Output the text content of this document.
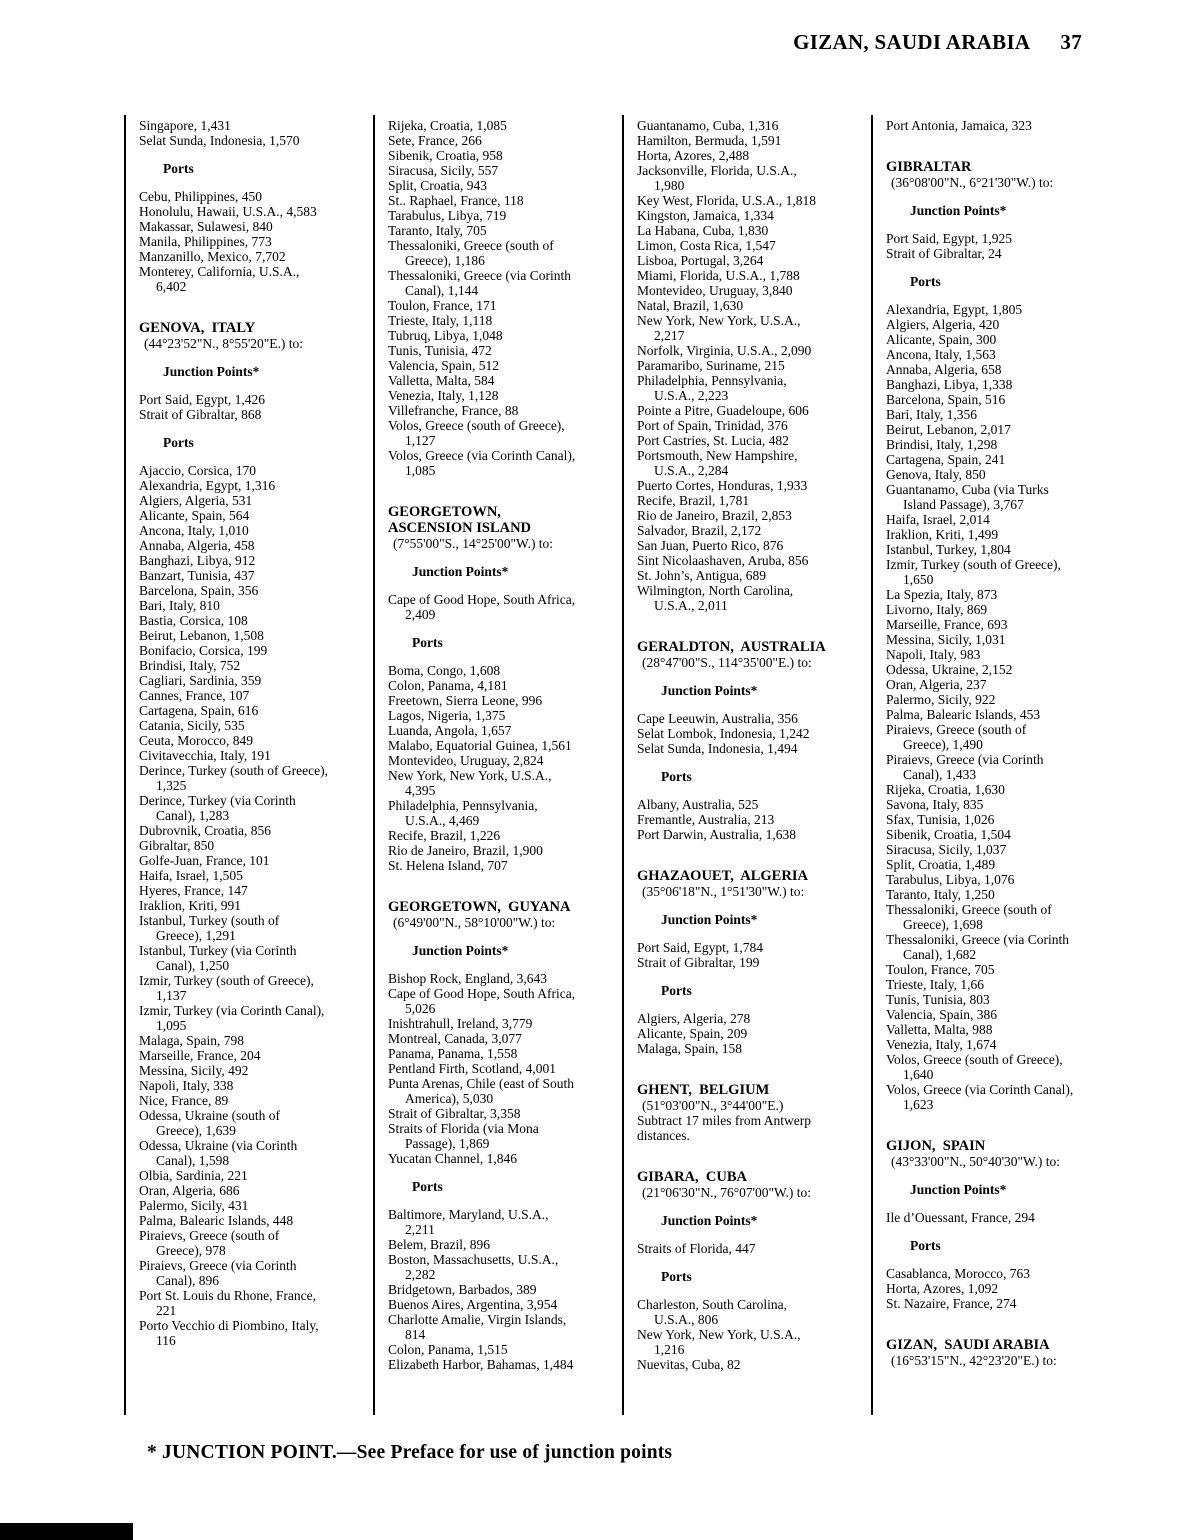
GIZAN, SAUDI ARABIA 37
Singapore, 1,431
Selat Sunda, Indonesia, 1,570
Ports
Cebu, Philippines, 450
Honolulu, Hawaii, U.S.A., 4,583
Makassar, Sulawesi, 840
Manila, Philippines, 773
Manzanillo, Mexico, 7,702
Monterey, California, U.S.A.,
6,402
GENOVA,  ITALY
(44°23'52"N., 8°55'20"E.) to:
Junction Points*
Port Said, Egypt, 1,426
Strait of Gibraltar, 868
Ports
Ajaccio, Corsica, 170
Alexandria, Egypt, 1,316
Algiers, Algeria, 531
Alicante, Spain, 564
Ancona, Italy, 1,010
Annaba, Algeria, 458
Banghazi, Libya, 912
Banzart, Tunisia, 437
Barcelona, Spain, 356
Bari, Italy, 810
Bastia, Corsica, 108
Beirut, Lebanon, 1,508
Bonifacio, Corsica, 199
Brindisi, Italy, 752
Cagliari, Sardinia, 359
Cannes, France, 107
Cartagena, Spain, 616
Catania, Sicily, 535
Ceuta, Morocco, 849
Civitavecchia, Italy, 191
Derince, Turkey (south of Greece),
1,325
Derince, Turkey (via Corinth
Canal), 1,283
Dubrovnik, Croatia, 856
Gibraltar, 850
Golfe-Juan, France, 101
Haifa, Israel, 1,505
Hyeres, France, 147
Iraklion, Kriti, 991
Istanbul, Turkey (south of
Greece), 1,291
Istanbul, Turkey (via Corinth
Canal), 1,250
Izmir, Turkey (south of Greece),
1,137
Izmir, Turkey (via Corinth Canal),
1,095
Malaga, Spain, 798
Marseille, France, 204
Messina, Sicily, 492
Napoli, Italy, 338
Nice, France, 89
Odessa, Ukraine (south of
Greece), 1,639
Odessa, Ukraine (via Corinth
Canal), 1,598
Olbia, Sardinia, 221
Oran, Algeria, 686
Palermo, Sicily, 431
Palma, Balearic Islands, 448
Piraievs, Greece (south of
Greece), 978
Piraievs, Greece (via Corinth
Canal), 896
Port St. Louis du Rhone, France,
221
Porto Vecchio di Piombino, Italy,
116
Rijeka, Croatia, 1,085
Sete, France, 266
Sibenik, Croatia, 958
Siracusa, Sicily, 557
Split, Croatia, 943
St.. Raphael, France, 118
Tarabulus, Libya, 719
Taranto, Italy, 705
Thessaloniki, Greece (south of
Greece), 1,186
Thessaloniki, Greece (via Corinth
Canal), 1,144
Toulon, France, 171
Trieste, Italy, 1,118
Tubruq, Libya, 1,048
Tunis, Tunisia, 472
Valencia, Spain, 512
Valletta, Malta, 584
Venezia, Italy, 1,128
Villefranche, France, 88
Volos, Greece (south of Greece),
1,127
Volos, Greece (via Corinth Canal),
1,085
GEORGETOWN,
ASCENSION ISLAND
(7°55'00"S., 14°25'00"W.) to:
Junction Points*
Cape of Good Hope, South Africa,
2,409
Ports
Boma, Congo, 1,608
Colon, Panama, 4,181
Freetown, Sierra Leone, 996
Lagos, Nigeria, 1,375
Luanda, Angola, 1,657
Malabo, Equatorial Guinea, 1,561
Montevideo, Uruguay, 2,824
New York, New York, U.S.A.,
4,395
Philadelphia, Pennsylvania,
U.S.A., 4,469
Recife, Brazil, 1,226
Rio de Janeiro, Brazil, 1,900
St. Helena Island, 707
GEORGETOWN,  GUYANA
(6°49'00"N., 58°10'00"W.) to:
Junction Points*
Bishop Rock, England, 3,643
Cape of Good Hope, South Africa,
5,026
Inishtrahull, Ireland, 3,779
Montreal, Canada, 3,077
Panama, Panama, 1,558
Pentland Firth, Scotland, 4,001
Punta Arenas, Chile (east of South
America), 5,030
Strait of Gibraltar, 3,358
Straits of Florida (via Mona
Passage), 1,869
Yucatan Channel, 1,846
Ports
Baltimore, Maryland, U.S.A.,
2,211
Belem, Brazil, 896
Boston, Massachusetts, U.S.A.,
2,282
Bridgetown, Barbados, 389
Buenos Aires, Argentina, 3,954
Charlotte Amalie, Virgin Islands,
814
Colon, Panama, 1,515
Elizabeth Harbor, Bahamas, 1,484
Guantanamo, Cuba, 1,316
Hamilton, Bermuda, 1,591
Horta, Azores, 2,488
Jacksonville, Florida, U.S.A.,
1,980
Key West, Florida, U.S.A., 1,818
Kingston, Jamaica, 1,334
La Habana, Cuba, 1,830
Limon, Costa Rica, 1,547
Lisboa, Portugal, 3,264
Miami, Florida, U.S.A., 1,788
Montevideo, Uruguay, 3,840
Natal, Brazil, 1,630
New York, New York, U.S.A.,
2,217
Norfolk, Virginia, U.S.A., 2,090
Paramaribo, Suriname, 215
Philadelphia, Pennsylvania,
U.S.A., 2,223
Pointe a Pitre, Guadeloupe, 606
Port of Spain, Trinidad, 376
Port Castries, St. Lucia, 482
Portsmouth, New Hampshire,
U.S.A., 2,284
Puerto Cortes, Honduras, 1,933
Recife, Brazil, 1,781
Rio de Janeiro, Brazil, 2,853
Salvador, Brazil, 2,172
San Juan, Puerto Rico, 876
Sint Nicolaashaven, Aruba, 856
St. John’s, Antigua, 689
Wilmington, North Carolina,
U.S.A., 2,011
GERALDTON,  AUSTRALIA
(28°47'00"S., 114°35'00"E.) to:
Junction Points*
Cape Leeuwin, Australia, 356
Selat Lombok, Indonesia, 1,242
Selat Sunda, Indonesia, 1,494
Ports
Albany, Australia, 525
Fremantle, Australia, 213
Port Darwin, Australia, 1,638
GHAZAOUET,  ALGERIA
(35°06'18"N., 1°51'30"W.) to:
Junction Points*
Port Said, Egypt, 1,784
Strait of Gibraltar, 199
Ports
Algiers, Algeria, 278
Alicante, Spain, 209
Malaga, Spain, 158
GHENT,  BELGIUM
(51°03'00"N., 3°44'00"E.)
Subtract 17 miles from Antwerp
distances.
GIBARA,  CUBA
(21°06'30"N., 76°07'00"W.) to:
Junction Points*
Straits of Florida, 447
Ports
Charleston, South Carolina,
U.S.A., 806
New York, New York, U.S.A.,
1,216
Nuevitas, Cuba, 82
Port Antonia, Jamaica, 323
GIBRALTAR
(36°08'00"N., 6°21'30"W.) to:
Junction Points*
Port Said, Egypt, 1,925
Strait of Gibraltar, 24
Ports
Alexandria, Egypt, 1,805
Algiers, Algeria, 420
Alicante, Spain, 300
Ancona, Italy, 1,563
Annaba, Algeria, 658
Banghazi, Libya, 1,338
Barcelona, Spain, 516
Bari, Italy, 1,356
Beirut, Lebanon, 2,017
Brindisi, Italy, 1,298
Cartagena, Spain, 241
Genova, Italy, 850
Guantanamo, Cuba (via Turks
Island Passage), 3,767
Haifa, Israel, 2,014
Iraklion, Kriti, 1,499
Istanbul, Turkey, 1,804
Izmir, Turkey (south of Greece),
1,650
La Spezia, Italy, 873
Livorno, Italy, 869
Marseille, France, 693
Messina, Sicily, 1,031
Napoli, Italy, 983
Odessa, Ukraine, 2,152
Oran, Algeria, 237
Palermo, Sicily, 922
Palma, Balearic Islands, 453
Piraievs, Greece (south of
Greece), 1,490
Piraievs, Greece (via Corinth
Canal), 1,433
Rijeka, Croatia, 1,630
Savona, Italy, 835
Sfax, Tunisia, 1,026
Sibenik, Croatia, 1,504
Siracusa, Sicily, 1,037
Split, Croatia, 1,489
Tarabulus, Libya, 1,076
Taranto, Italy, 1,250
Thessaloniki, Greece (south of
Greece), 1,698
Thessaloniki, Greece (via Corinth
Canal), 1,682
Toulon, France, 705
Trieste, Italy, 1,66
Tunis, Tunisia, 803
Valencia, Spain, 386
Valletta, Malta, 988
Venezia, Italy, 1,674
Volos, Greece (south of Greece),
1,640
Volos, Greece (via Corinth Canal),
1,623
GIJON,  SPAIN
(43°33'00"N., 50°40'30"W.) to:
Junction Points*
Ile d’Ouessant, France, 294
Ports
Casablanca, Morocco, 763
Horta, Azores, 1,092
St. Nazaire, France, 274
GIZAN,  SAUDI ARABIA
(16°53'15"N., 42°23'20"E.) to:
* JUNCTION POINT.—See Preface for use of junction points
